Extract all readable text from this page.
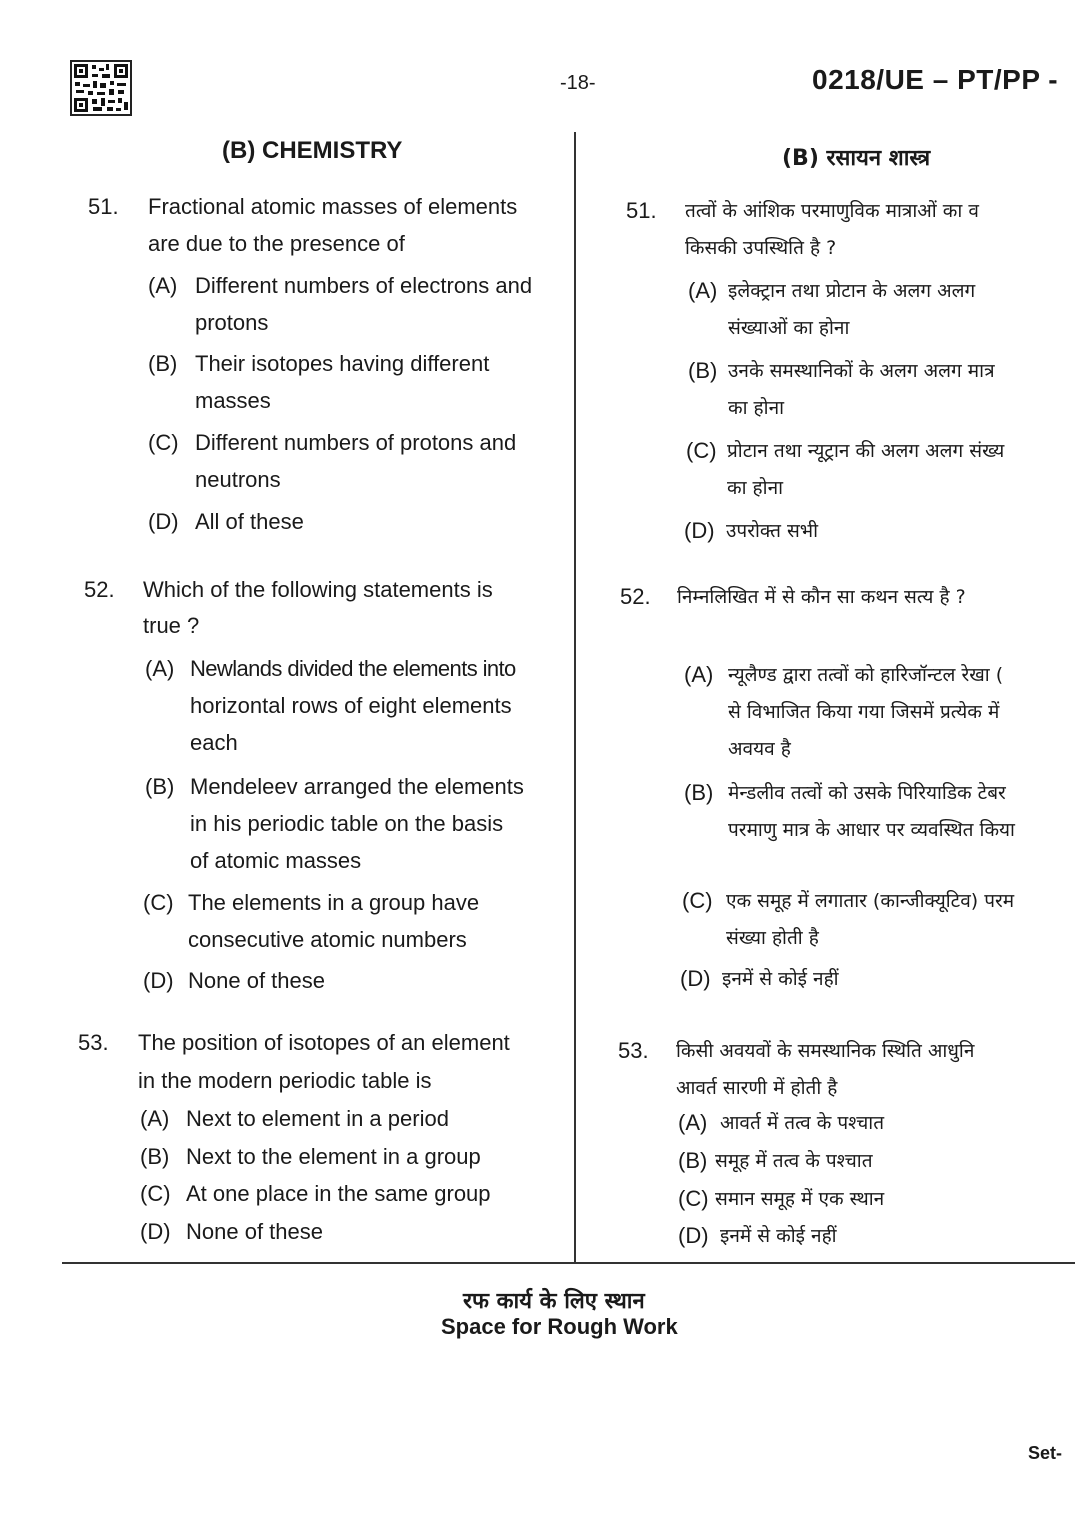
-18-	0218/UE – PT/PP -
(B) CHEMISTRY
51. Fractional atomic masses of elements
are due to the presence of
(A) Different numbers of electrons and
protons
(B) Their isotopes having different
masses
(C) Different numbers of protons and
neutrons
(D) All of these
52. Which of the following statements is
true ?
(A) Newlands divided the elements into
horizontal rows of eight elements
each
(B) Mendeleev arranged the elements
in his periodic table on the basis
of atomic masses
(C) The elements in a group have
consecutive atomic numbers
(D) None of these
53. The position of isotopes of an element
in the modern periodic table is
(A) Next to element in a period
(B) Next to the element in a group
(C) At one place in the same group
(D) None of these
(B) रसायन शास्त्र
51. तत्वों के आंशिक परमाणुविक मात्राओं का व
किसकी उपस्थिति है ?
(A) इलेक्ट्रान तथा प्रोटान के अलग अलग
संख्याओं का होना
(B) उनके समस्थानिकों के अलग अलग मात्र
का होना
(C) प्रोटान तथा न्यूट्रान की अलग अलग संख्य
का होना
(D) उपरोक्त सभी
52. निम्नलिखित में से कौन सा कथन सत्य है ?
(A) न्यूलैण्ड द्वारा तत्वों को हारिजॉन्टल रेखा (
से विभाजित किया गया जिसमें प्रत्येक में
अवयव है
(B) मेन्डलीव तत्वों को उसके पिरियाडिक टेबर
परमाणु मात्र के आधार पर व्यवस्थित किया
(C) एक समूह में लगातार (कान्जीक्यूटिव) परम
संख्या होती है
(D) इनमें से कोई नहीं
53. किसी अवयवों के समस्थानिक स्थिति आधुनि
आवर्त सारणी में होती है
(A) आवर्त में तत्व के पश्चात
(B) समूह में तत्व के पश्चात
(C) समान समूह में एक स्थान
(D) इनमें से कोई नहीं
रफ कार्य के लिए स्थान
Space for Rough Work
Set-
